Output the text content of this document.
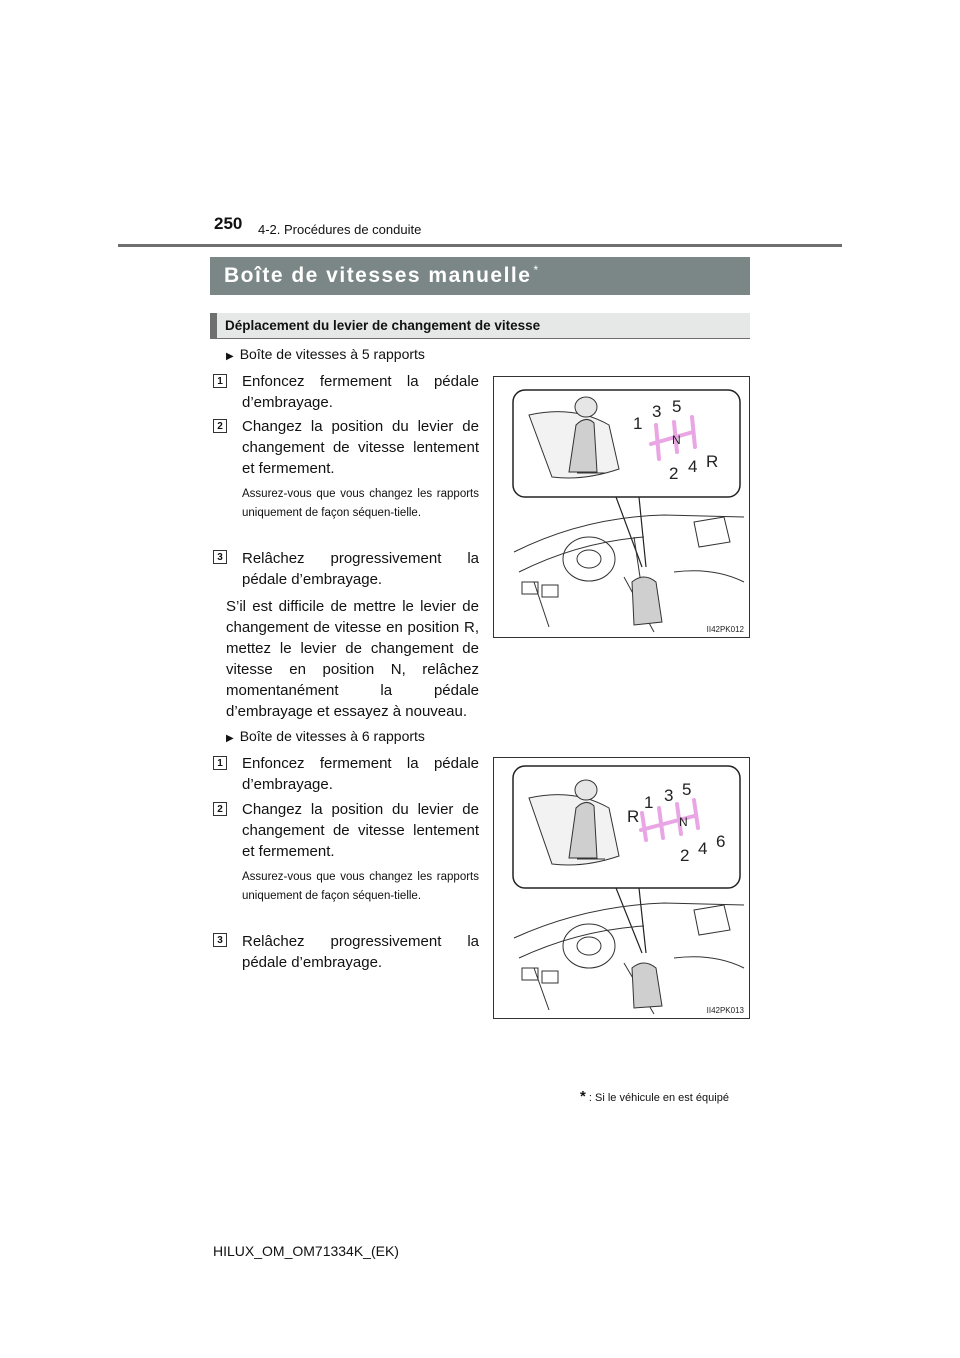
250 4-2. Procédures de conduite
Boîte de vitesses manuelle *
Déplacement du levier de changement de vitesse
▶ Boîte de vitesses à 5 rapports
1 Enfoncez fermement la pédale d’embrayage.
2 Changez la position du levier de changement de vitesse lentement et fermement.
Assurez-vous que vous changez les rapports uniquement de façon séquen-tielle.
3 Relâchez progressivement la pédale d’embrayage.
S’il est difficile de mettre le levier de changement de vitesse en position R, mettez le levier de changement de vitesse en position N, relâchez momentanément la pédale d’embrayage et essayez à nouveau.
1
3 5
N
2 4 R
II42PK012
▶ Boîte de vitesses à 6 rapports
1 Enfoncez fermement la pédale d’embrayage.
2 Changez la position du levier de changement de vitesse lentement et fermement.
Assurez-vous que vous changez les rapports uniquement de façon séquen-tielle.
3 Relâchez progressivement la pédale d’embrayage.
R
1 3 5
N
2 4 6
II42PK013
* : Si le véhicule en est équipé
HILUX_OM_OM71334K_(EK)
